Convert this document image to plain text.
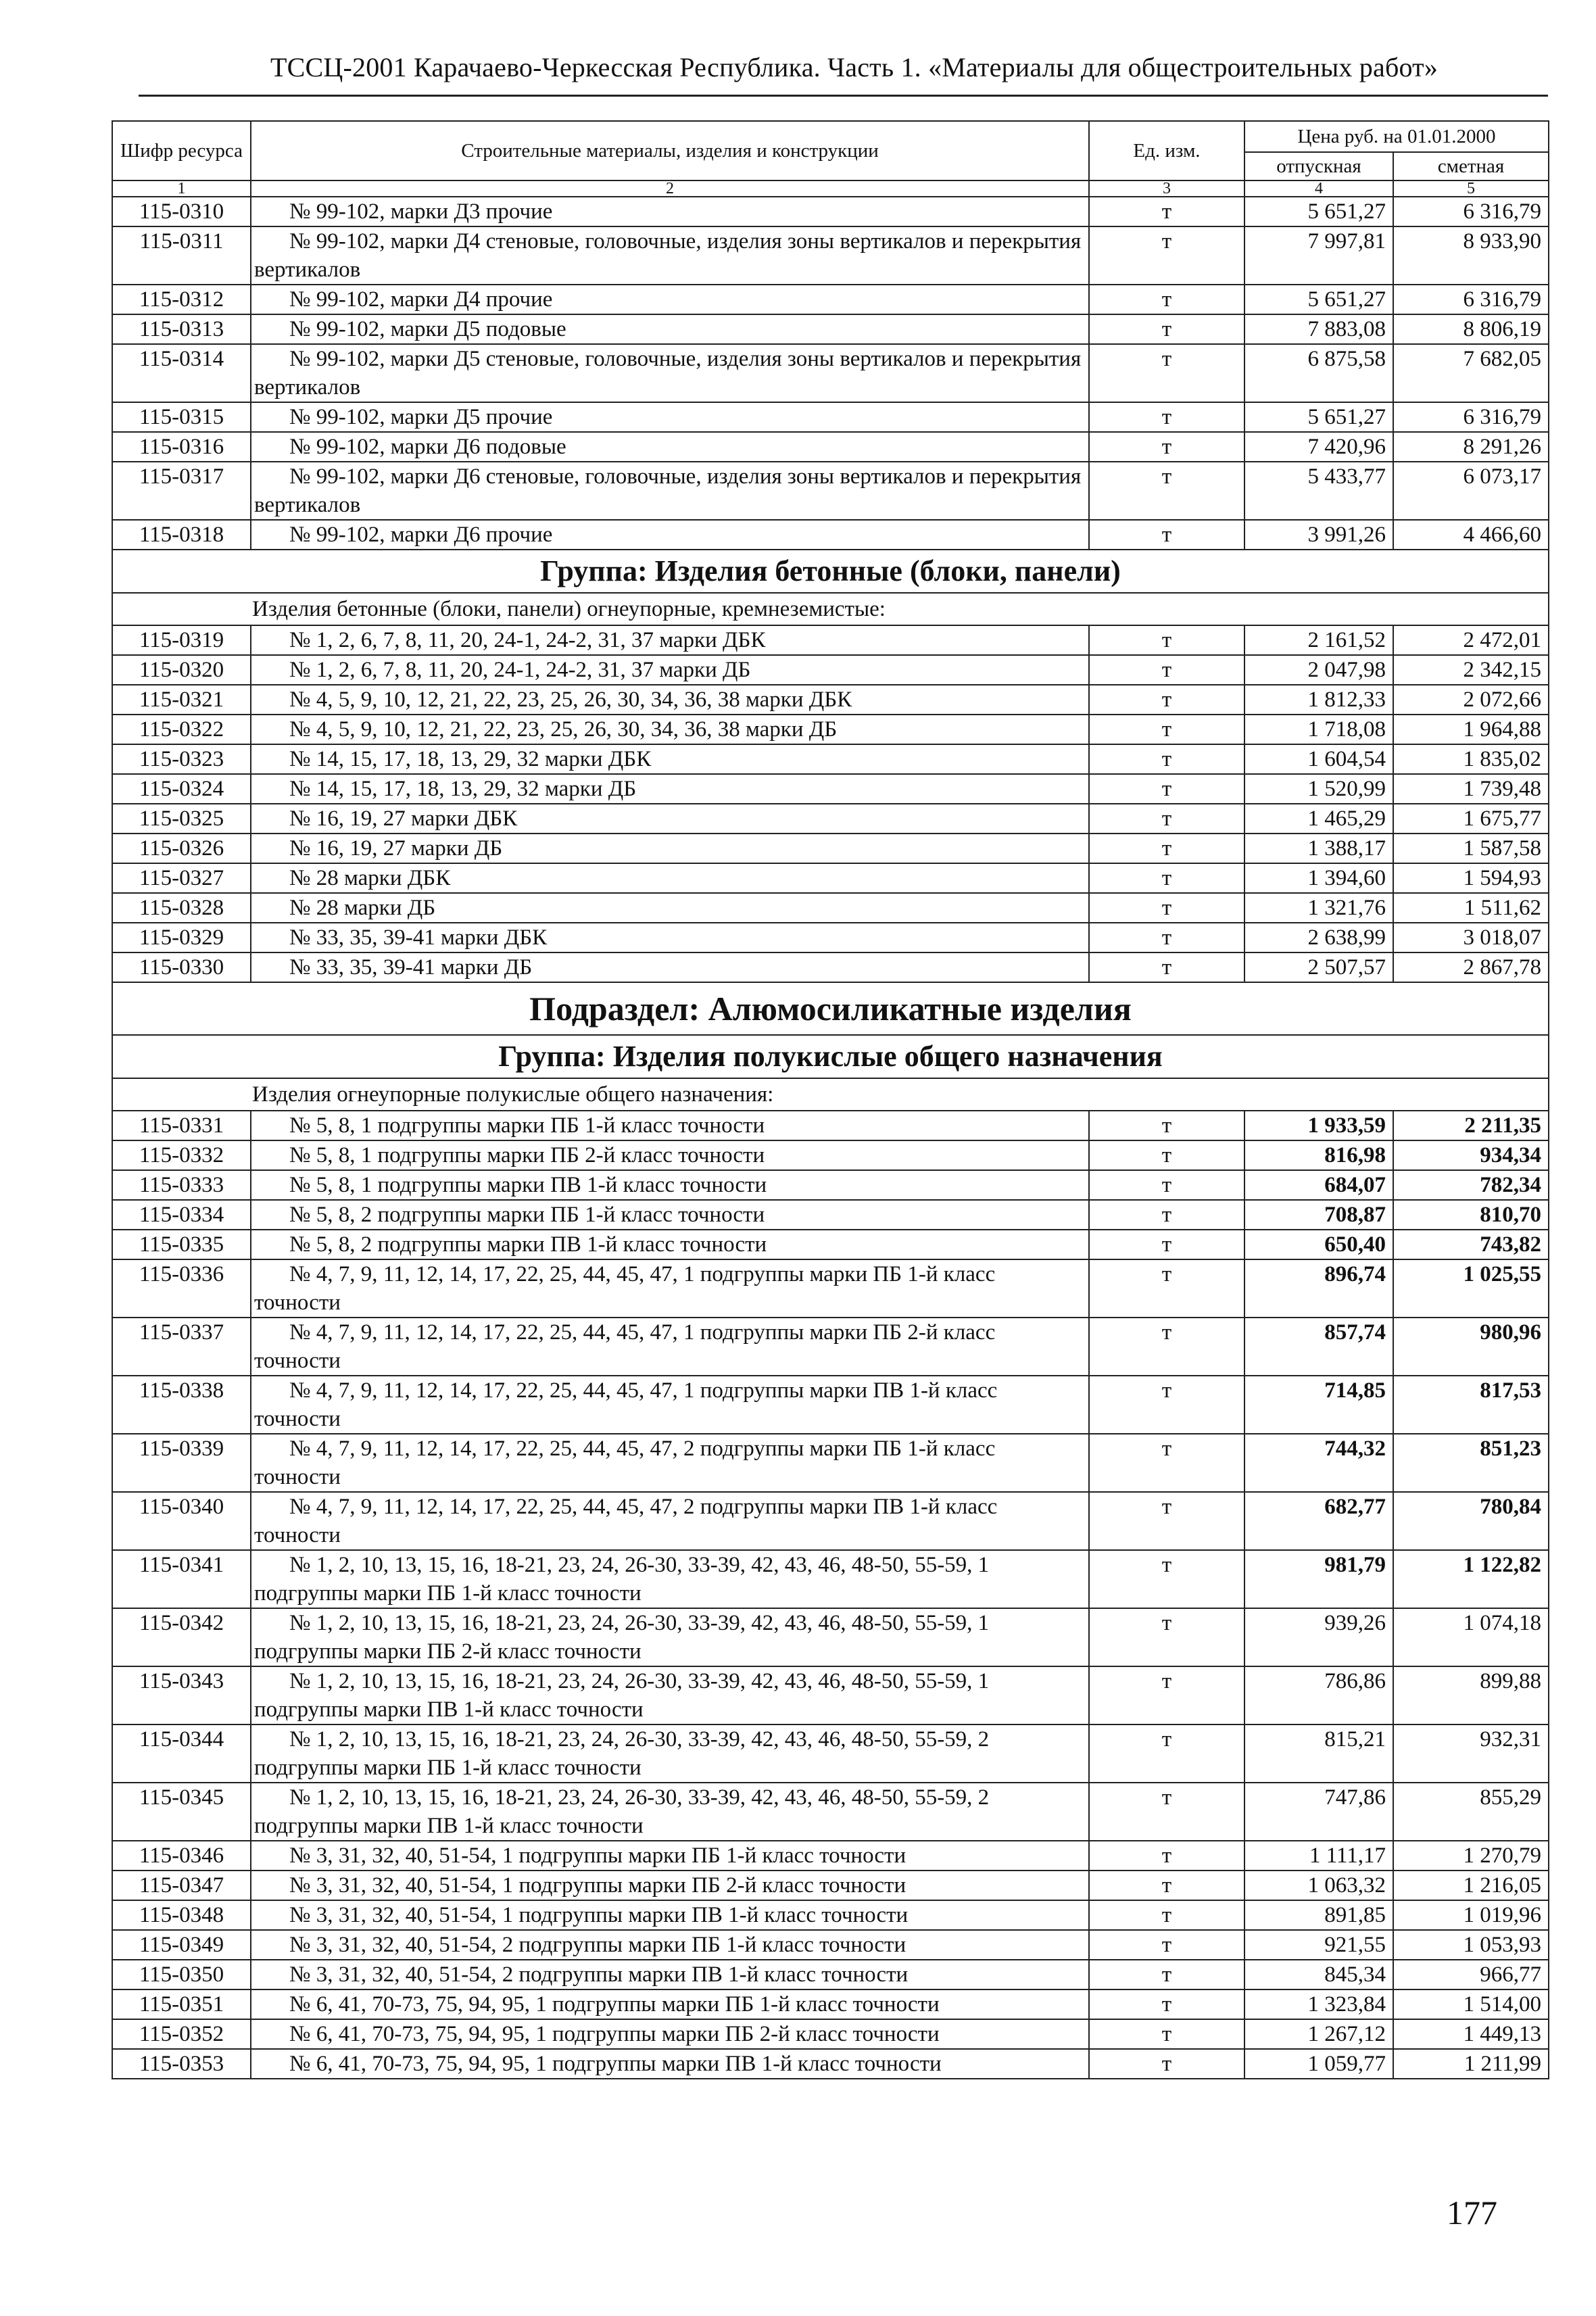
ТССЦ-2001 Карачаево-Черкесская Республика. Часть 1. «Материалы для общестроительных работ»
Шифр ресурса	Строительные материалы, изделия и конструкции	Ед. изм.	Цена руб. на 01.01.2000	
			отпускная	сметная
1	2	3	4	5
115-0310	№ 99-102, марки Д3 прочие	т	5 651,27	6 316,79
115-0311	№ 99-102, марки Д4 стеновые, головочные, изделия зоны вертикалов и перекрытия вертикалов	т	7 997,81	8 933,90
115-0312	№ 99-102, марки Д4 прочие	т	5 651,27	6 316,79
115-0313	№ 99-102, марки Д5 подовые	т	7 883,08	8 806,19
115-0314	№ 99-102, марки Д5 стеновые, головочные, изделия зоны вертикалов и перекрытия вертикалов	т	6 875,58	7 682,05
115-0315	№ 99-102, марки Д5 прочие	т	5 651,27	6 316,79
115-0316	№ 99-102, марки Д6 подовые	т	7 420,96	8 291,26
115-0317	№ 99-102, марки Д6 стеновые, головочные, изделия зоны вертикалов и перекрытия вертикалов	т	5 433,77	6 073,17
115-0318	№ 99-102, марки Д6 прочие	т	3 991,26	4 466,60
Группа: Изделия бетонные (блоки, панели)				
Изделия бетонные (блоки, панели) огнеупорные, кремнеземистые:				
115-0319	№ 1, 2, 6, 7, 8, 11, 20, 24-1, 24-2, 31, 37 марки ДБК	т	2 161,52	2 472,01
115-0320	№ 1, 2, 6, 7, 8, 11, 20, 24-1, 24-2, 31, 37 марки ДБ	т	2 047,98	2 342,15
115-0321	№ 4, 5, 9, 10, 12, 21, 22, 23, 25, 26, 30, 34, 36, 38 марки ДБК	т	1 812,33	2 072,66
115-0322	№ 4, 5, 9, 10, 12, 21, 22, 23, 25, 26, 30, 34, 36, 38 марки ДБ	т	1 718,08	1 964,88
115-0323	№ 14, 15, 17, 18, 13, 29, 32 марки ДБК	т	1 604,54	1 835,02
115-0324	№ 14, 15, 17, 18, 13, 29, 32 марки ДБ	т	1 520,99	1 739,48
115-0325	№ 16, 19, 27 марки ДБК	т	1 465,29	1 675,77
115-0326	№ 16, 19, 27 марки ДБ	т	1 388,17	1 587,58
115-0327	№ 28 марки ДБК	т	1 394,60	1 594,93
115-0328	№ 28 марки ДБ	т	1 321,76	1 511,62
115-0329	№ 33, 35, 39-41 марки ДБК	т	2 638,99	3 018,07
115-0330	№ 33, 35, 39-41 марки ДБ	т	2 507,57	2 867,78
Подраздел: Алюмосиликатные изделия				
Группа: Изделия полукислые общего назначения				
Изделия огнеупорные полукислые общего назначения:				
115-0331	№ 5, 8, 1 подгруппы марки ПБ 1-й класс точности	т	1 933,59	2 211,35
115-0332	№ 5, 8, 1 подгруппы марки ПБ 2-й класс точности	т	816,98	934,34
115-0333	№ 5, 8, 1 подгруппы марки ПВ 1-й класс точности	т	684,07	782,34
115-0334	№ 5, 8, 2 подгруппы марки ПБ 1-й класс точности	т	708,87	810,70
115-0335	№ 5, 8, 2 подгруппы марки ПВ 1-й класс точности	т	650,40	743,82
115-0336	№ 4, 7, 9, 11, 12, 14, 17, 22, 25, 44, 45, 47, 1 подгруппы марки ПБ 1-й класс точности	т	896,74	1 025,55
115-0337	№ 4, 7, 9, 11, 12, 14, 17, 22, 25, 44, 45, 47, 1 подгруппы марки ПБ 2-й класс точности	т	857,74	980,96
115-0338	№ 4, 7, 9, 11, 12, 14, 17, 22, 25, 44, 45, 47, 1 подгруппы марки ПВ 1-й класс точности	т	714,85	817,53
115-0339	№ 4, 7, 9, 11, 12, 14, 17, 22, 25, 44, 45, 47, 2 подгруппы марки ПБ 1-й класс точности	т	744,32	851,23
115-0340	№ 4, 7, 9, 11, 12, 14, 17, 22, 25, 44, 45, 47, 2 подгруппы марки ПВ 1-й класс точности	т	682,77	780,84
115-0341	№ 1, 2, 10, 13, 15, 16, 18-21, 23, 24, 26-30, 33-39, 42, 43, 46, 48-50, 55-59, 1 подгруппы марки ПБ 1-й класс точности	т	981,79	1 122,82
115-0342	№ 1, 2, 10, 13, 15, 16, 18-21, 23, 24, 26-30, 33-39, 42, 43, 46, 48-50, 55-59, 1 подгруппы марки ПБ 2-й класс точности	т	939,26	1 074,18
115-0343	№ 1, 2, 10, 13, 15, 16, 18-21, 23, 24, 26-30, 33-39, 42, 43, 46, 48-50, 55-59, 1 подгруппы марки ПВ 1-й класс точности	т	786,86	899,88
115-0344	№ 1, 2, 10, 13, 15, 16, 18-21, 23, 24, 26-30, 33-39, 42, 43, 46, 48-50, 55-59, 2 подгруппы марки ПБ 1-й класс точности	т	815,21	932,31
115-0345	№ 1, 2, 10, 13, 15, 16, 18-21, 23, 24, 26-30, 33-39, 42, 43, 46, 48-50, 55-59, 2 подгруппы марки ПВ 1-й класс точности	т	747,86	855,29
115-0346	№ 3, 31, 32, 40, 51-54, 1 подгруппы марки ПБ 1-й класс точности	т	1 111,17	1 270,79
115-0347	№ 3, 31, 32, 40, 51-54, 1 подгруппы марки ПБ 2-й класс точности	т	1 063,32	1 216,05
115-0348	№ 3, 31, 32, 40, 51-54, 1 подгруппы марки ПВ 1-й класс точности	т	891,85	1 019,96
115-0349	№ 3, 31, 32, 40, 51-54, 2 подгруппы марки ПБ 1-й класс точности	т	921,55	1 053,93
115-0350	№ 3, 31, 32, 40, 51-54, 2 подгруппы марки ПВ 1-й класс точности	т	845,34	966,77
115-0351	№ 6, 41, 70-73, 75, 94, 95, 1 подгруппы марки ПБ 1-й класс точности	т	1 323,84	1 514,00
115-0352	№ 6, 41, 70-73, 75, 94, 95, 1 подгруппы марки ПБ 2-й класс точности	т	1 267,12	1 449,13
115-0353	№ 6, 41, 70-73, 75, 94, 95, 1 подгруппы марки ПВ 1-й класс точности	т	1 059,77	1 211,99
177
